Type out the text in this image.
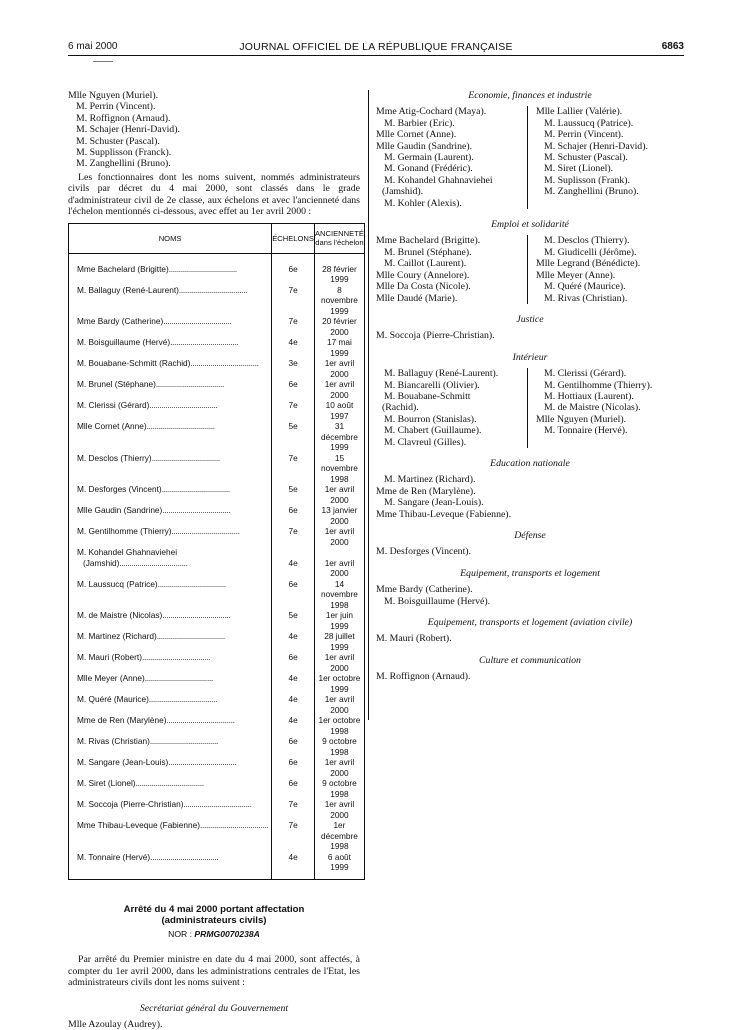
6 mai 2000	JOURNAL OFFICIEL DE LA RÉPUBLIQUE FRANÇAISE	6863
Mlle Nguyen (Muriel).
M. Perrin (Vincent).
M. Roffignon (Arnaud).
M. Schajer (Henri-David).
M. Schuster (Pascal).
M. Supplisson (Franck).
M. Zanghellini (Bruno).

Les fonctionnaires dont les noms suivent, nommés administrateurs civils par décret du 4 mai 2000, sont classés dans le grade d'administrateur civil de 2e classe, aux échelons et avec l'ancienneté dans l'échelon mentionnés ci-dessous, avec effet au 1er avril 2000 :

NOMS	ÉCHELONS	ANCIENNETÉ dans l'échelon

Mme Bachelard (Brigitte)..................................	6e	28 février 1999
M. Ballaguy (René-Laurent)..................................	7e	8 novembre 1999
Mme Bardy (Catherine)..................................	7e	20 février 2000
M. Boisguillaume (Hervé)..................................	4e	17 mai 1999
M. Bouabane-Schmitt (Rachid)..................................	3e	1er avril 2000
M. Brunel (Stéphane)..................................	6e	1er avril 2000
M. Clerissi (Gérard)..................................	7e	10 août 1997
Mlle Cornet (Anne)..................................	5e	31 décembre 1999
M. Desclos (Thierry)..................................	7e	15 novembre 1998
M. Desforges (Vincent)..................................	5e	1er avril 2000
Mlle Gaudin (Sandrine)..................................	6e	13 janvier 2000
M. Gentilhomme (Thierry)..................................	7e	1er avril 2000
M. Kohandel Ghahnaviehei		
(Jamshid)..................................	4e	1er avril 2000
M. Laussucq (Patrice)..................................	6e	14 novembre 1998
M. de Maistre (Nicolas)..................................	5e	1er juin 1999
M. Martinez (Richard)..................................	4e	28 juillet 1999
M. Mauri (Robert)..................................	6e	1er avril 2000
Mlle Meyer (Anne)..................................	4e	1er octobre 1999
M. Quéré (Maurice)..................................	4e	1er avril 2000
Mme de Ren (Marylène)..................................	4e	1er octobre 1998
M. Rivas (Christian)..................................	6e	9 octobre 1998
M. Sangare (Jean-Louis)..................................	6e	1er avril 2000
M. Siret (Lionel)..................................	6e	9 octobre 1998
M. Soccoja (Pierre-Christian)..................................	7e	1er avril 2000
Mme Thibau-Leveque (Fabienne)..................................	7e	1er décembre 1998
M. Tonnaire (Hervé)..................................	4e	6 août 1999
Arrêté du 4 mai 2000 portant affectation
(administrateurs civils)
NOR : PRMG0070238A

Par arrêté du Premier ministre en date du 4 mai 2000, sont affectés, à compter du 1er avril 2000, dans les administrations centrales de l'Etat, les administrateurs civils dont les noms suivent :

Secrétariat général du Gouvernement
Mlle Azoulay (Audrey).
Economie, finances et industrie
Mme Atig-Cochard (Maya).
M. Barbier (Eric).
Mlle Cornet (Anne).
Mlle Gaudin (Sandrine).
M. Germain (Laurent).
M. Gonand (Frédéric).
M. Kohandel Ghahnaviehei
(Jamshid).
M. Kohler (Alexis).
Mlle Lallier (Valérie).
M. Laussucq (Patrice).
M. Perrin (Vincent).
M. Schajer (Henri-David).
M. Schuster (Pascal).
M. Siret (Lionel).
M. Suplisson (Frank).
M. Zanghellini (Bruno).
Emploi et solidarité
Mme Bachelard (Brigitte).
M. Brunel (Stéphane).
M. Caillot (Laurent).
Mlle Coury (Annelore).
Mlle Da Costa (Nicole).
Mlle Daudé (Marie).
M. Desclos (Thierry).
M. Giudicelli (Jérôme).
Mlle Legrand (Bénédicte).
Mlle Meyer (Anne).
M. Quéré (Maurice).
M. Rivas (Christian).
Justice
M. Soccoja (Pierre-Christian).
Intérieur
M. Ballaguy (René-Laurent).
M. Biancarelli (Olivier).
M. Bouabane-Schmitt
(Rachid).
M. Bourron (Stanislas).
M. Chabert (Guillaume).
M. Clavreul (Gilles).
M. Clerissi (Gérard).
M. Gentilhomme (Thierry).
M. Hottiaux (Laurent).
M. de Maistre (Nicolas).
Mlle Nguyen (Muriel).
M. Tonnaire (Hervé).
Education nationale
M. Martinez (Richard).
Mme de Ren (Marylène).
M. Sangare (Jean-Louis).
Mme Thibau-Leveque (Fabienne).
Défense
M. Desforges (Vincent).
Equipement, transports et logement
Mme Bardy (Catherine).
M. Boisguillaume (Hervé).
Equipement, transports et logement (aviation civile)
M. Mauri (Robert).
Culture et communication
M. Roffignon (Arnaud).
